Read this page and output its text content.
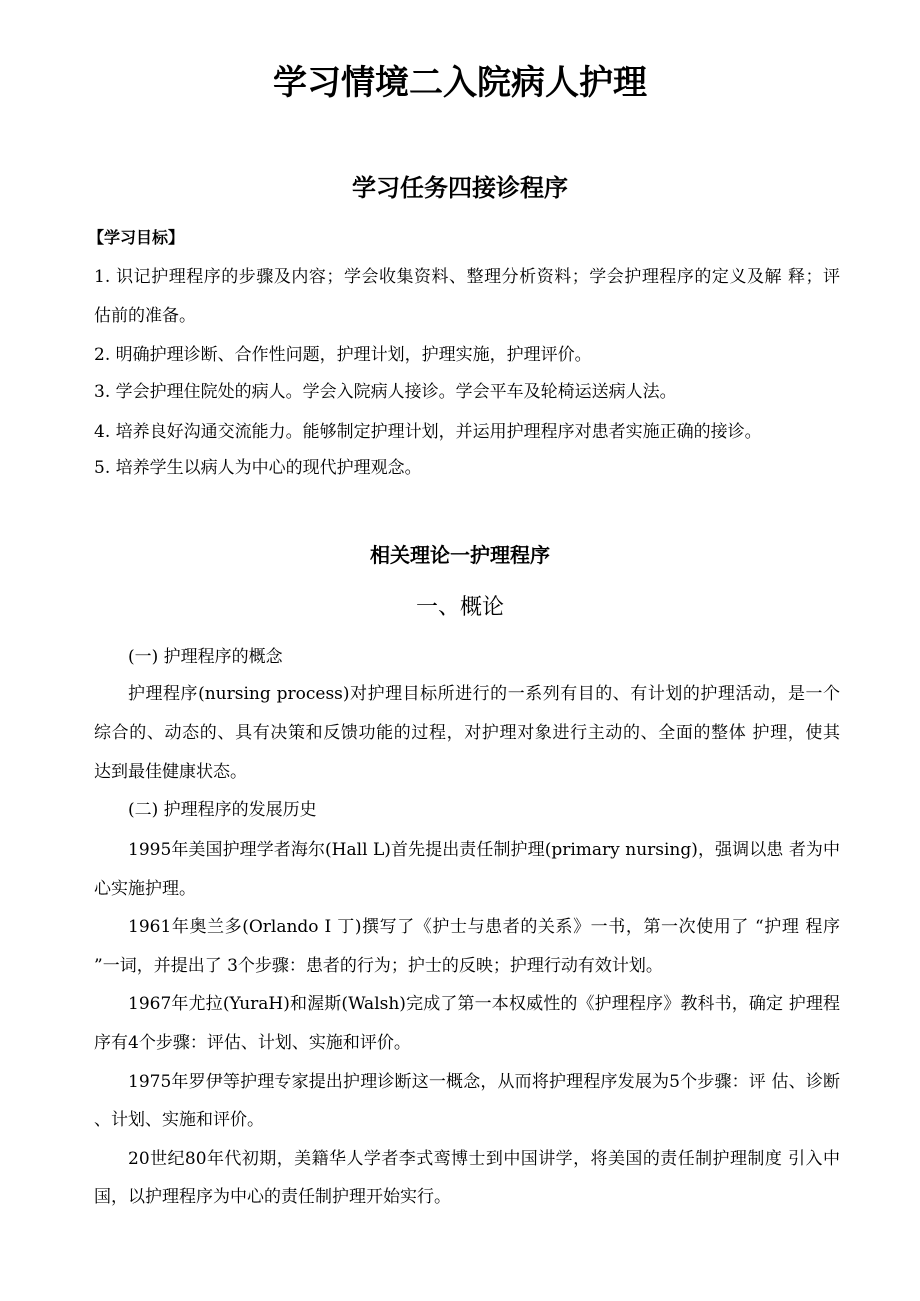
学习情境二入院病人护理
学习任务四接诊程序
【学习目标】
1. 识记护理程序的步骤及内容；学会收集资料、整理分析资料；学会护理程序的定义及解 释；评
估前的准备。
2. 明确护理诊断、合作性问题，护理计划，护理实施，护理评价。
3. 学会护理住院处的病人。学会入院病人接诊。学会平车及轮椅运送病人法。
4. 培养良好沟通交流能力。能够制定护理计划，并运用护理程序对患者实施正确的接诊。
5. 培养学生以病人为中心的现代护理观念。
相关理论一护理程序
一、概论
(一) 护理程序的概念
护理程序(nursing process)对护理目标所进行的一系列有目的、有计划的护理活动，是一个
综合的、动态的、具有决策和反馈功能的过程，对护理对象进行主动的、全面的整体 护理，使其
达到最佳健康状态。
(二) 护理程序的发展历史
1995年美国护理学者海尔(Hall L)首先提出责任制护理(primary nursing)，强调以患 者为中
心实施护理。
1961年奥兰多(Orlando I 丁)撰写了《护士与患者的关系》一书，第一次使用了 “护理 程序
”一词，并提出了 3个步骤：患者的行为；护士的反映；护理行动有效计划。
1967年尤拉(YuraH)和渥斯(Walsh)完成了第一本权威性的《护理程序》教科书，确定 护理程
序有4个步骤：评估、计划、实施和评价。
1975年罗伊等护理专家提出护理诊断这一概念，从而将护理程序发展为5个步骤：评 估、诊断
、计划、实施和评价。
20世纪80年代初期，美籍华人学者李式鸾博士到中国讲学，将美国的责任制护理制度 引入中
国，以护理程序为中心的责任制护理开始实行。
